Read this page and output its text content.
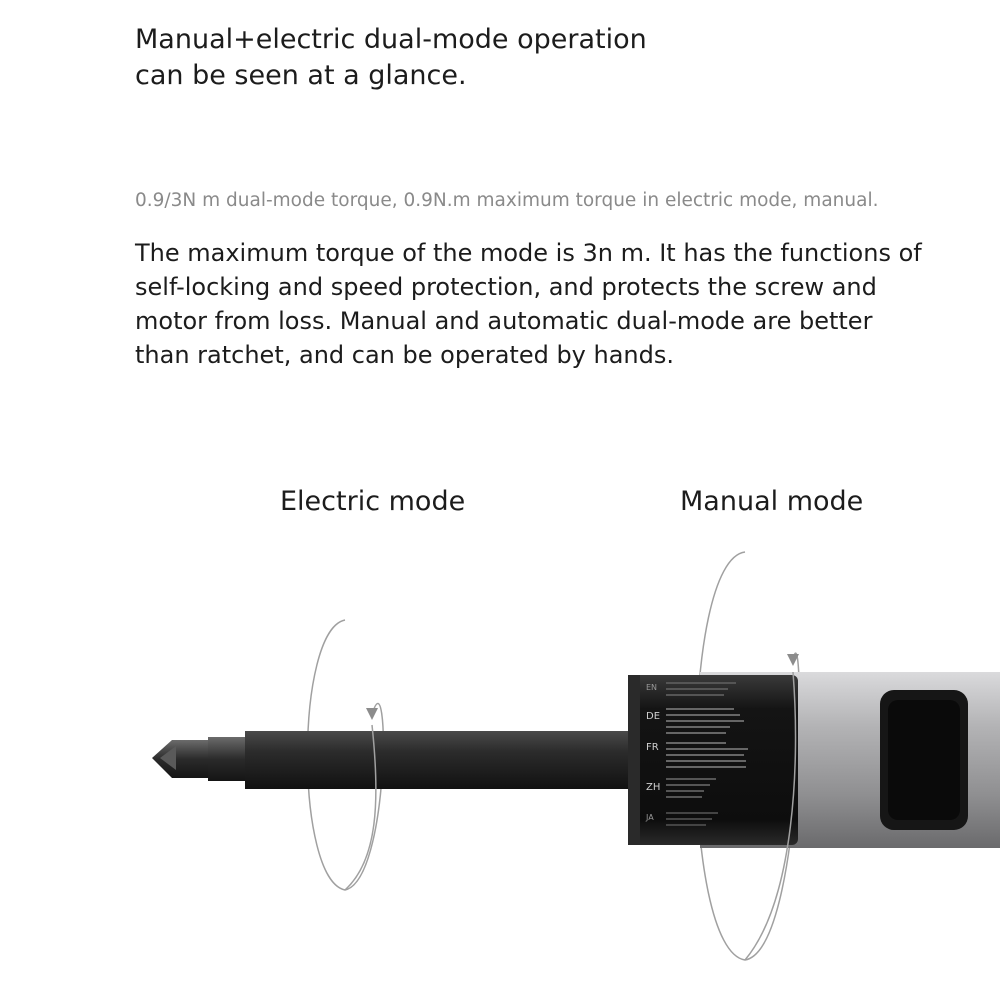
Manual+electric dual-mode operation
can be seen at a glance.

0.9/3N m dual-mode torque, 0.9N.m maximum torque in electric mode, manual.

The maximum torque of the mode is 3n m. It has the functions of
self-locking and speed protection, and protects the screw and
motor from loss. Manual and automatic dual-mode are better
than ratchet, and can be operated by hands.

Electric mode	Manual mode

EN
DE
FR
ZH
JA
